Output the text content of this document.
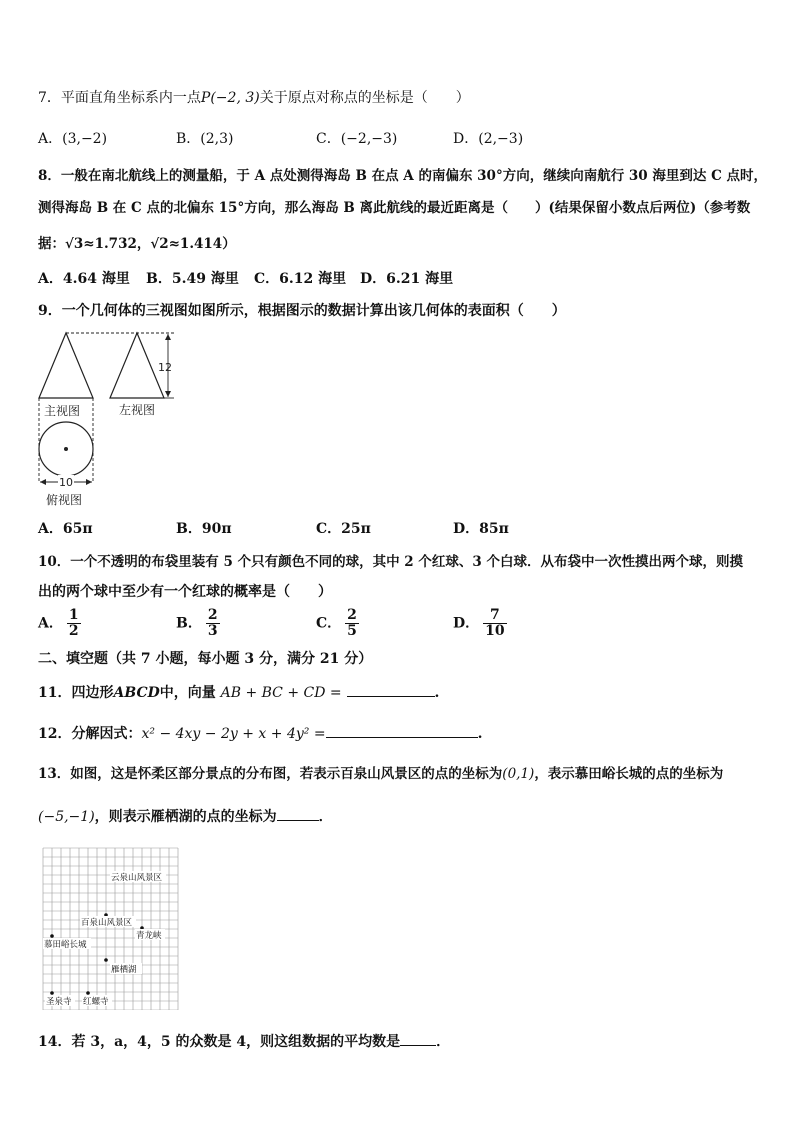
7．平面直角坐标系内一点P(−2, 3)关于原点对称点的坐标是（　　）
A．(3,−2)	B．(2,3)	C．(−2,−3)	D．(2,−3)
8．一般在南北航线上的测量船，于 A 点处测得海岛 B 在点 A 的南偏东 30°方向，继续向南航行 30 海里到达 C 点时，
测得海岛 B 在 C 点的北偏东 15°方向，那么海岛 B 离此航线的最近距离是（　　）(结果保留小数点后两位)（参考数
据：√3≈1.732，√2≈1.414）
A．4.64 海里 B．5.49 海里 C．6.12 海里 D．6.21 海里
9．一个几何体的三视图如图所示，根据图示的数据计算出该几何体的表面积（　　）
12
主视图	左视图
10
俯视图
A．65π	B．90π	C．25π	D．85π
10．一个不透明的布袋里装有 5 个只有颜色不同的球，其中 2 个红球、3 个白球．从布袋中一次性摸出两个球，则摸
出的两个球中至少有一个红球的概率是（　　）
A． $\frac{1}{2}$	B． $\frac{2}{3}$	C． $\frac{2}{5}$	D． $\frac{7}{10}$
二、填空题（共 7 小题，每小题 3 分，满分 21 分）
11．四边形ABCD中，向量 AB + BC + CD =	.
12．分解因式：x² − 4xy − 2y + x + 4y² =	.
13．如图，这是怀柔区部分景点的分布图，若表示百泉山风景区的点的坐标为(0,1)，表示慕田峪长城的点的坐标为
(−5,−1)，则表示雁栖湖的点的坐标为	．
云泉山风景区
百泉山风景区
青龙峡
慕田峪长城
雁栖湖
圣泉寺 红螺寺
14．若 3，a，4，5 的众数是 4，则这组数据的平均数是	．
